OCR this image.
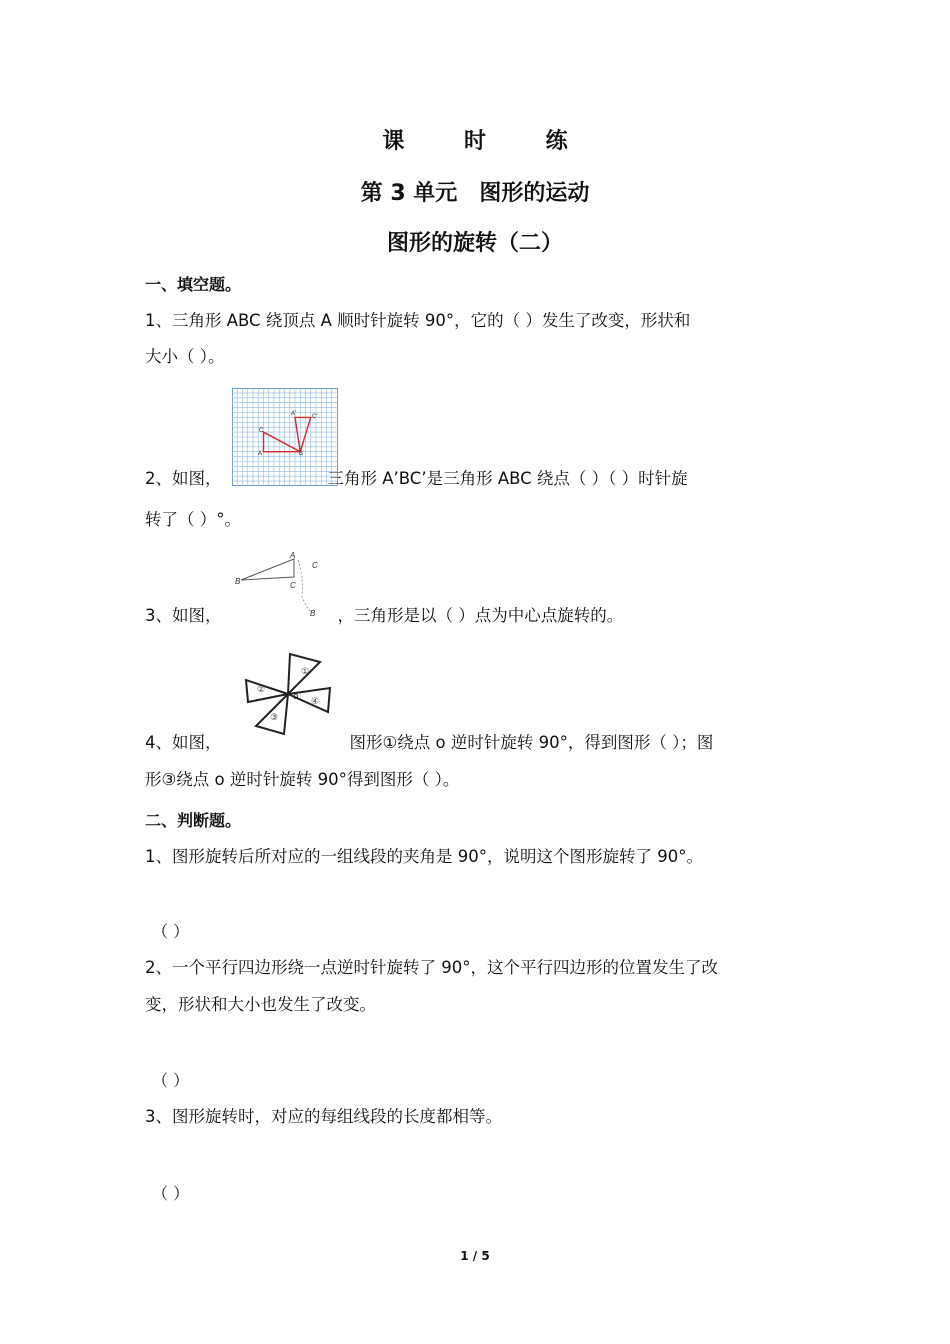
课 时 练
第 3 单元 图形的运动
图形的旋转（二）
一、填空题。
1、三角形 ABC 绕顶点 A 顺时针旋转 90°，它的（ ）发生了改变，形状和
大小（ ）。
A'	C'
C
A	B
2、如图，	三角形 A’BC’是三角形 ABC 绕点（ ）（ ）时针旋
转了（ ）°。
A
C
B	C
B
3、如图，	，三角形是以（ ）点为中心点旋转的。
①
②
③
④
o
4、如图，	图形①绕点 o 逆时针旋转 90°，得到图形（ ）；图
形③绕点 o 逆时针旋转 90°得到图形（ ）。
二、判断题。
1、图形旋转后所对应的一组线段的夹角是 90°，说明这个图形旋转了 90°。
（ ）
2、一个平行四边形绕一点逆时针旋转了 90°，这个平行四边形的位置发生了改
变，形状和大小也发生了改变。
（ ）
3、图形旋转时，对应的每组线段的长度都相等。
（ ）
1 / 5
